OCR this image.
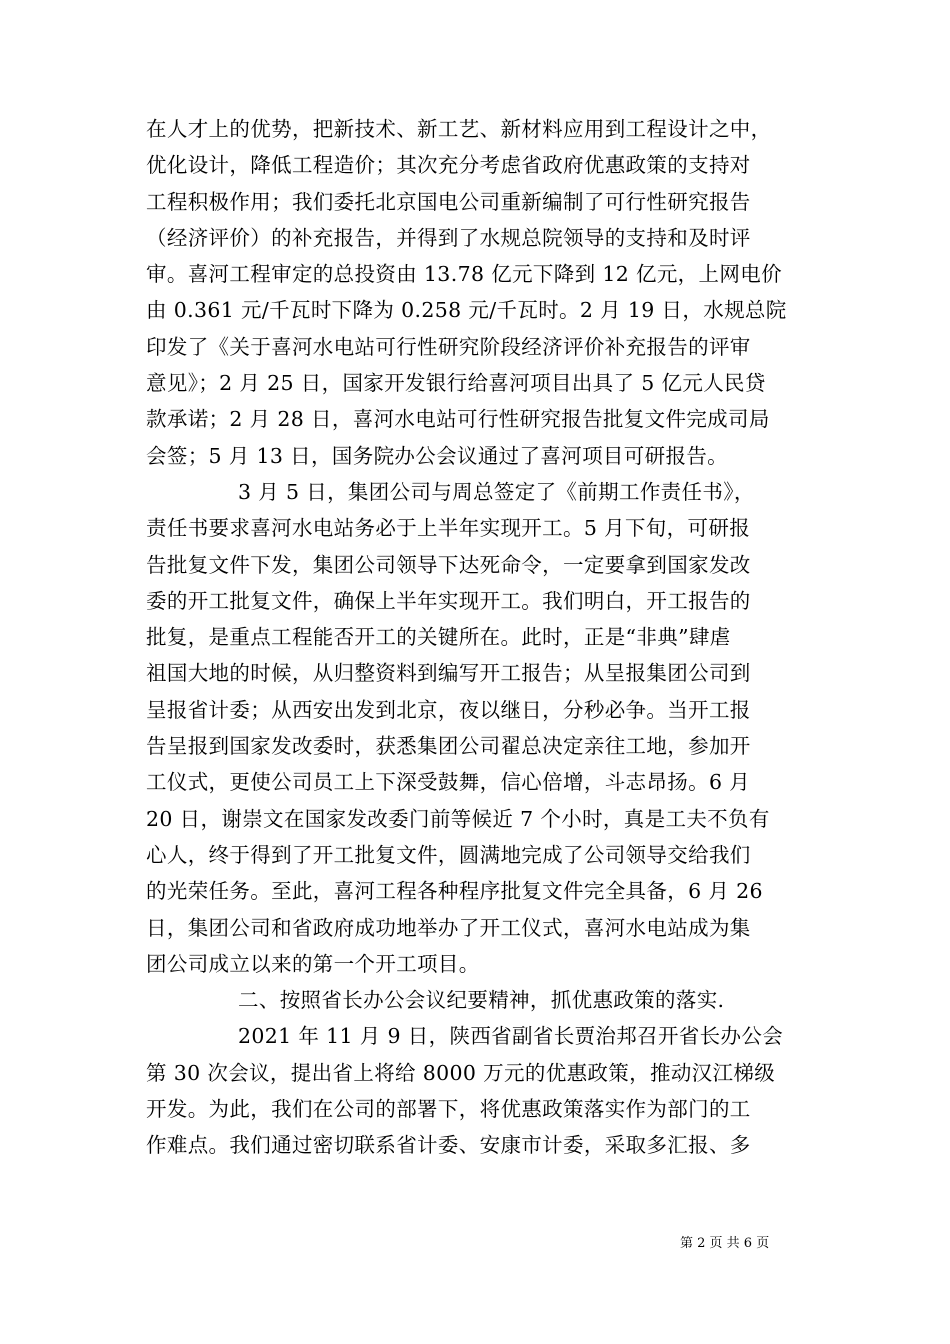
在人才上的优势，把新技术、新工艺、新材料应用到工程设计之中，
优化设计，降低工程造价；其次充分考虑省政府优惠政策的支持对
工程积极作用；我们委托北京国电公司重新编制了可行性研究报告
（经济评价）的补充报告，并得到了水规总院领导的支持和及时评
审。喜河工程审定的总投资由 13.78 亿元下降到 12 亿元，上网电价
由 0.361 元/千瓦时下降为 0.258 元/千瓦时。2 月 19 日，水规总院
印发了《关于喜河水电站可行性研究阶段经济评价补充报告的评审
意见》；2 月 25 日，国家开发银行给喜河项目出具了 5 亿元人民贷
款承诺；2 月 28 日，喜河水电站可行性研究报告批复文件完成司局
会签；5 月 13 日，国务院办公会议通过了喜河项目可研报告。
3 月 5 日，集团公司与周总签定了《前期工作责任书》，
责任书要求喜河水电站务必于上半年实现开工。5 月下旬，可研报
告批复文件下发，集团公司领导下达死命令，一定要拿到国家发改
委的开工批复文件，确保上半年实现开工。我们明白，开工报告的
批复，是重点工程能否开工的关键所在。此时，正是“非典”肆虐
祖国大地的时候，从归整资料到编写开工报告；从呈报集团公司到
呈报省计委；从西安出发到北京，夜以继日，分秒必争。当开工报
告呈报到国家发改委时，获悉集团公司翟总决定亲往工地，参加开
工仪式，更使公司员工上下深受鼓舞，信心倍增，斗志昂扬。6 月
20 日，谢崇文在国家发改委门前等候近 7 个小时，真是工夫不负有
心人，终于得到了开工批复文件，圆满地完成了公司领导交给我们
的光荣任务。至此，喜河工程各种程序批复文件完全具备，6 月 26
日，集团公司和省政府成功地举办了开工仪式，喜河水电站成为集
团公司成立以来的第一个开工项目。
二、按照省长办公会议纪要精神，抓优惠政策的落实.
2021 年 11 月 9 日，陕西省副省长贾治邦召开省长办公会
第 30 次会议，提出省上将给 8000 万元的优惠政策，推动汉江梯级
开发。为此，我们在公司的部署下，将优惠政策落实作为部门的工
作难点。我们通过密切联系省计委、安康市计委，采取多汇报、多
第 2 页 共 6 页
